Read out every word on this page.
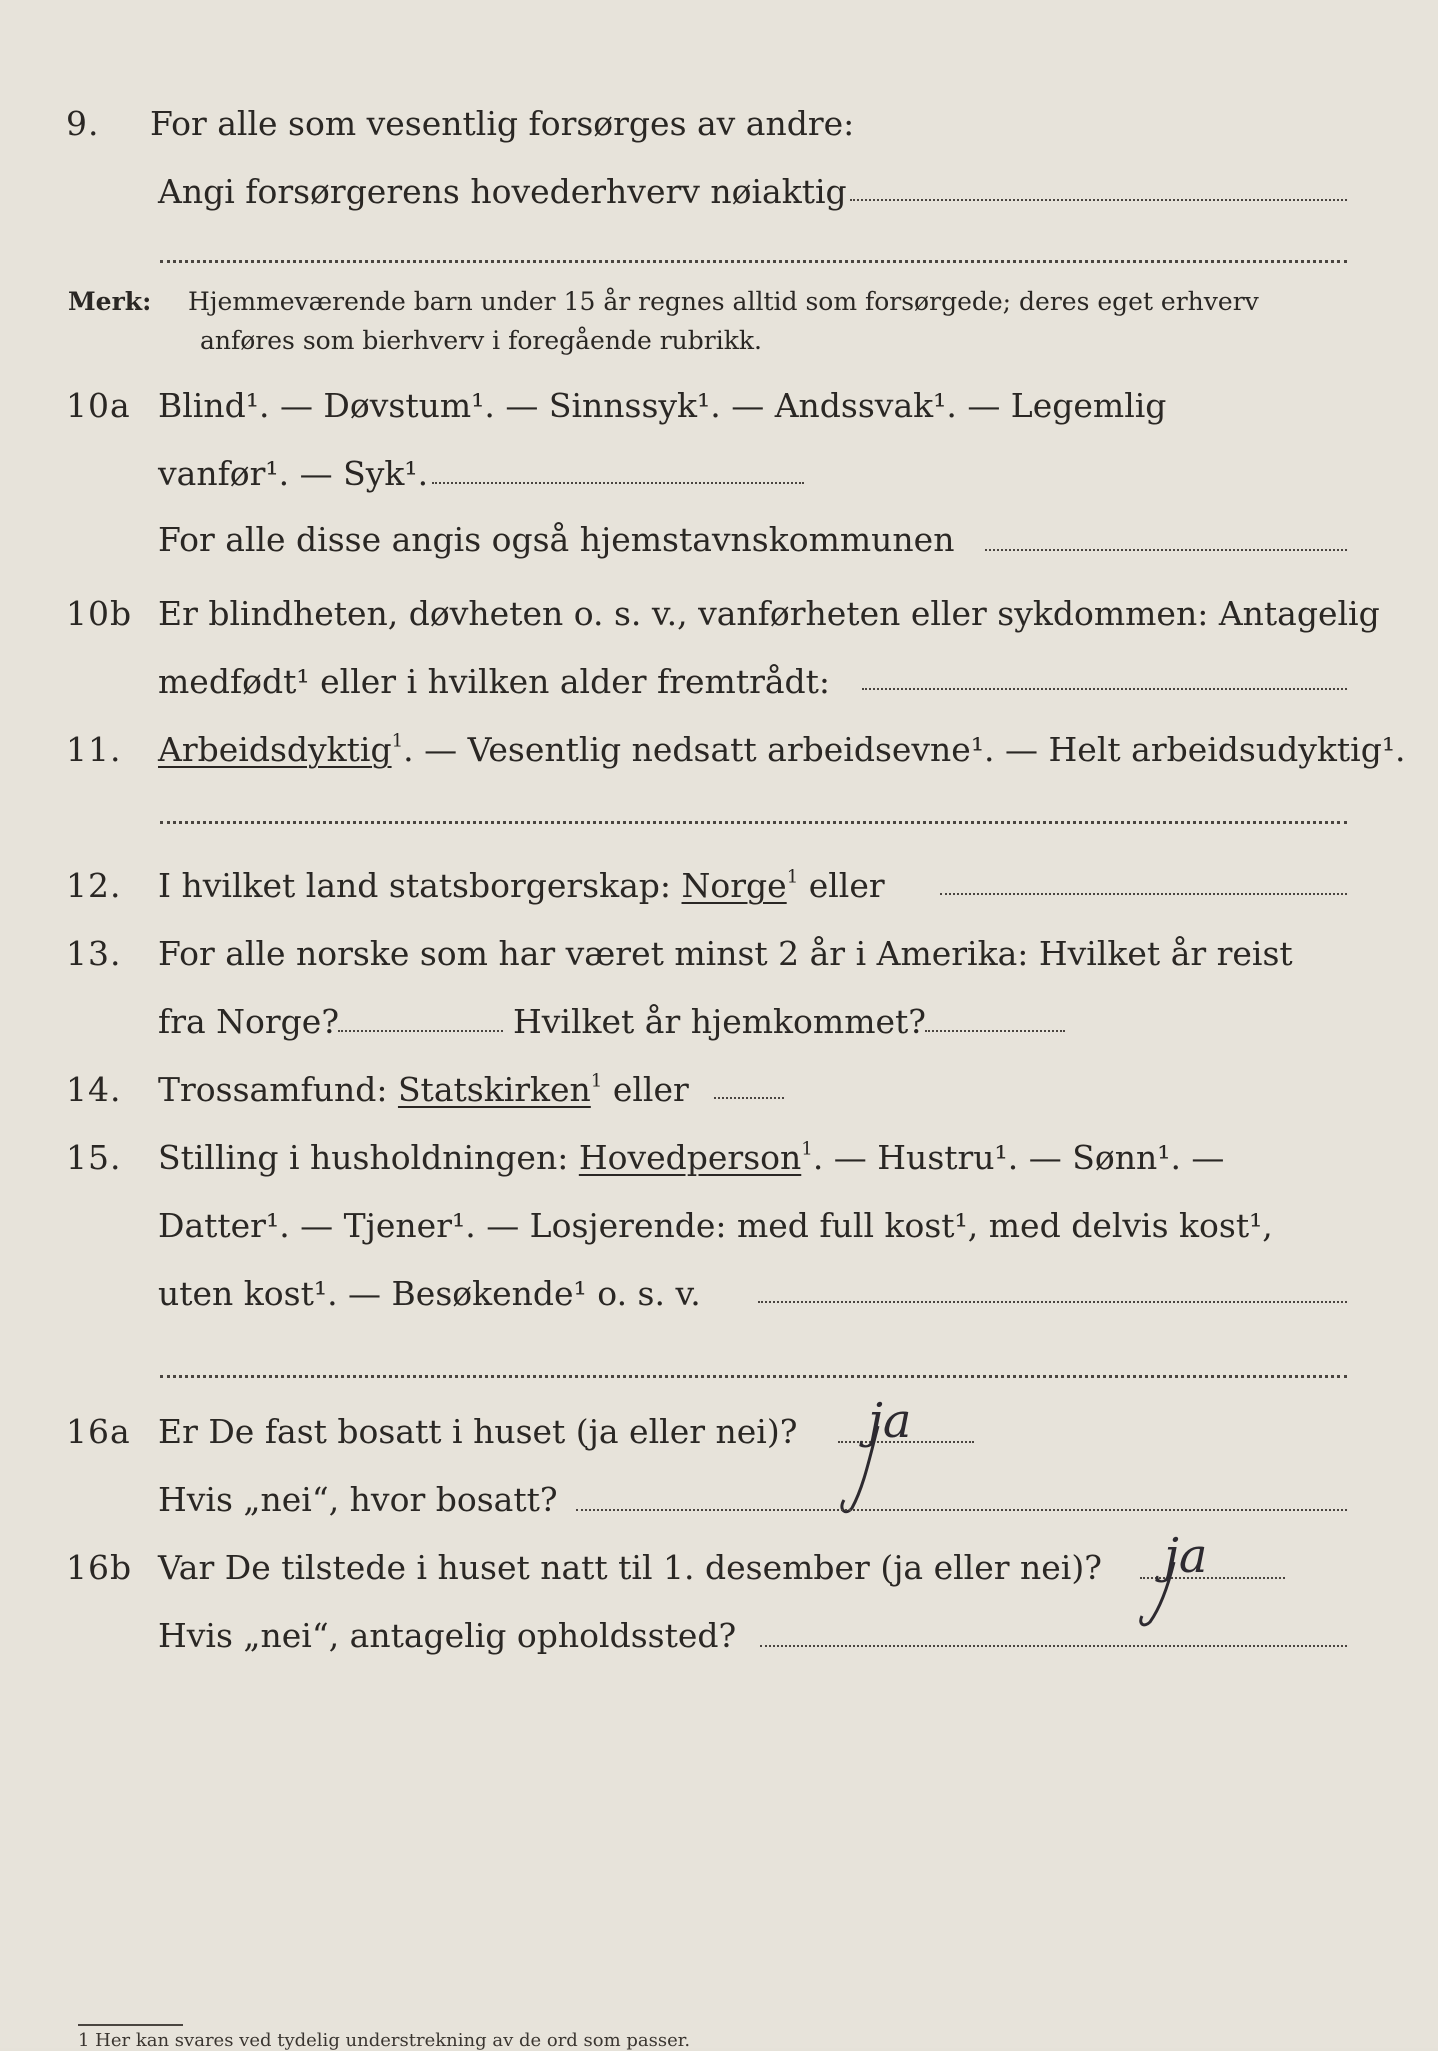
9. For alle som vesentlig forsørges av andre:
Angi forsørgerens hovederhverv nøiaktig
Merk: Hjemmeværende barn under 15 år regnes alltid som forsørgede; deres eget erhverv
anføres som bierhverv i foregående rubrikk.
10a Blind¹. — Døvstum¹. — Sinnssyk¹. — Andssvak¹. — Legemlig
vanfør¹. — Syk¹.
For alle disse angis også hjemstavnskommunen
10b Er blindheten, døvheten o. s. v., vanførheten eller sykdommen: Antagelig
medfødt¹ eller i hvilken alder fremtrådt:
11. Arbeidsdyktig$^1$. — Vesentlig nedsatt arbeidsevne¹. — Helt arbeidsudyktig¹.
12. I hvilket land statsborgerskap: Norge$^1$ eller
13. For alle norske som har været minst 2 år i Amerika: Hvilket år reist
fra Norge?	Hvilket år hjemkommet?
14. Trossamfund: Statskirken$^1$ eller
15. Stilling i husholdningen: Hovedperson$^1$. — Hustru¹. — Sønn¹. —
Datter¹. — Tjener¹. — Losjerende: med full kost¹, med delvis kost¹,
uten kost¹. — Besøkende¹ o. s. v.
16a Er De fast bosatt i huset (ja eller nei)? ja
Hvis „nei“, hvor bosatt?
16b Var De tilstede i huset natt til 1. desember (ja eller nei)? ja
Hvis „nei“, antagelig opholdssted?
1 Her kan svares ved tydelig understrekning av de ord som passer.
